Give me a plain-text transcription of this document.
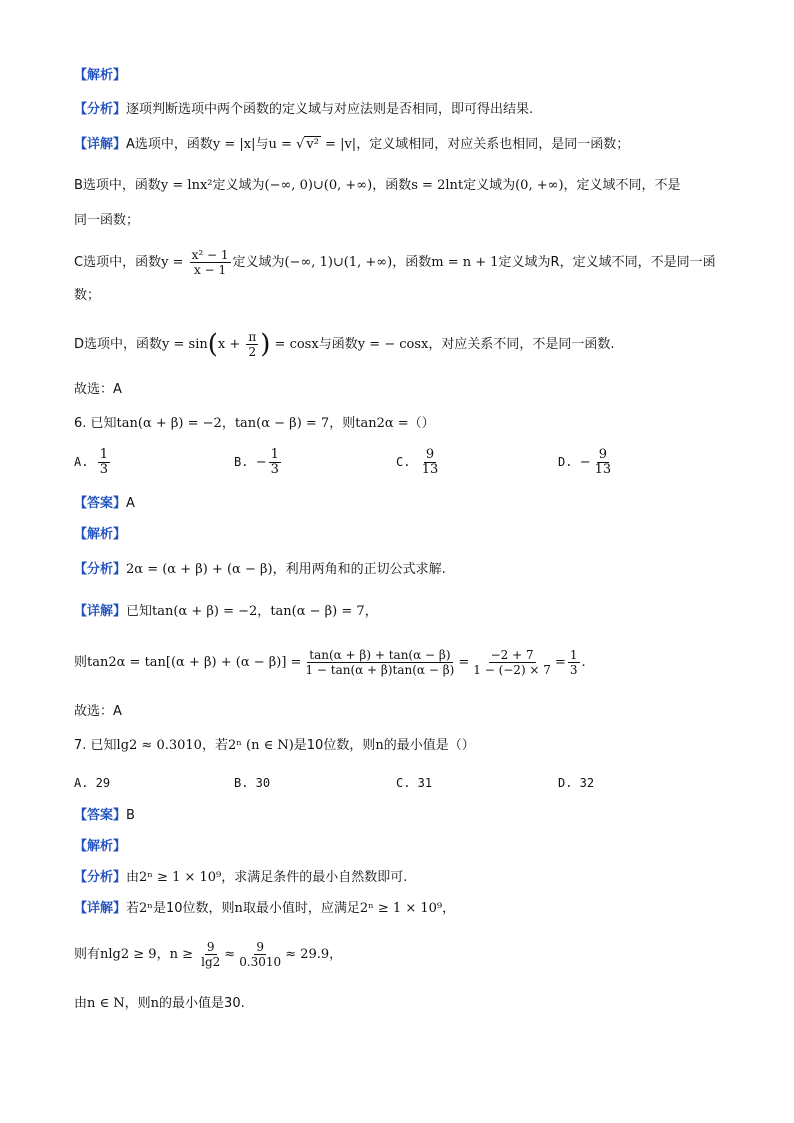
【解析】
【分析】逐项判断选项中两个函数的定义域与对应法则是否相同，即可得出结果.
【详解】A选项中，函数y = |x|与u = √ v² = |v|，定义域相同，对应关系也相同，是同一函数；
B选项中，函数y = lnx²定义域为(−∞, 0)∪(0, +∞)，函数s = 2lnt定义域为(0, +∞)，定义域不同，不是
同一函数；
C选项中，函数$y = \frac{\text{x² − 1}}{x - 1}$ 定义域为(−∞, 1)∪(1, +∞)，函数m = n + 1定义域为R，定义域不同，不是同一函
数；
D选项中，函数$y = \sin(x + \frac{\pi}{2}$ ) = cosx与函数y = − cosx，对应关系不同，不是同一函数.
故选：A
6. 已知tan(α + β) = −2，tan(α − β) = 7，则tan2α =（）
A. $\frac{1}{3}$	B. − $\frac{1}{3}$	C. $\frac{9}{13}$	D. − $\frac{9}{13}$
【答案】A
【解析】
【分析】2α = (α + β) + (α − β)，利用两角和的正切公式求解.
【详解】已知tan(α + β) = −2，tan(α − β) = 7，
则$\tan 2\alpha = \tan[(\alpha + \beta) + (\alpha - \beta)] = \frac{\tan(\alpha + \beta) + \tan(\alpha - \beta)}{1 - \tan(\alpha + \beta)\tan(\alpha - \beta)} = \frac{-2 + 7}{1 - (-2) \times 7} = \frac{1}{3}$ .
故选：A
7. 已知lg2 ≈ 0.3010，若2ⁿ (n ∈ N)是10位数，则n的最小值是（）
A. 29	B. 30	C. 31	D. 32
【答案】B
【解析】
【分析】由2ⁿ ≥ 1 × 10⁹，求满足条件的最小自然数即可.
【详解】若2ⁿ是10位数，则n取最小值时，应满足2ⁿ ≥ 1 × 10⁹，
则有nlg2 ≥ 9，$n \ge \frac{9}{\lg 2} \approx \frac{9}{0.3010} \approx 29.9$，
由n ∈ N，则n的最小值是30.
